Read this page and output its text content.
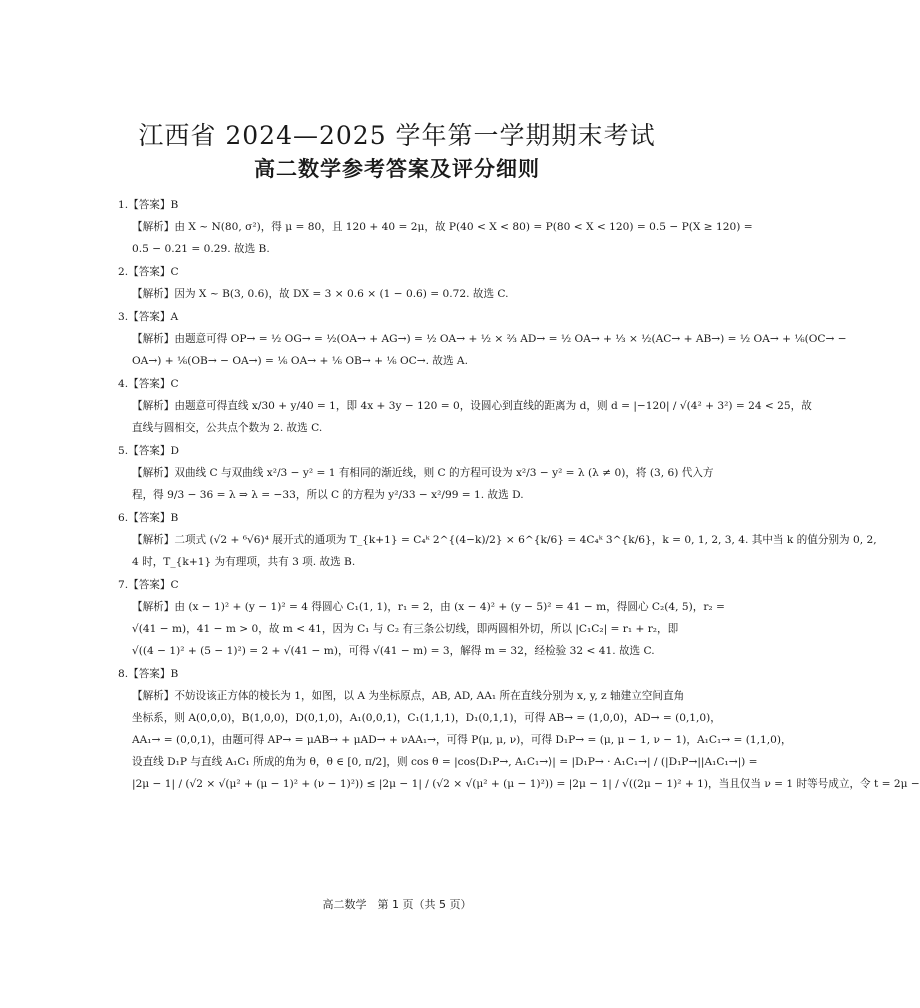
江西省 2024—2025 学年第一学期期末考试
高二数学参考答案及评分细则
1.【答案】B
【解析】由 X ~ N(80, σ²)，得 μ = 80，且 120 + 40 = 2μ，故 P(40 < X < 80) = P(80 < X < 120) = 0.5 − P(X ≥ 120) =
0.5 − 0.21 = 0.29. 故选 B.
2.【答案】C
【解析】因为 X ~ B(3, 0.6)，故 DX = 3 × 0.6 × (1 − 0.6) = 0.72. 故选 C.
3.【答案】A
【解析】由题意可得 OP→ = ½ OG→ = ½(OA→ + AG→) = ½ OA→ + ½ × ⅔ AD→ = ½ OA→ + ⅓ × ½(AC→ + AB→) = ½ OA→ + ⅙(OC→ −
OA→) + ⅙(OB→ − OA→) = ⅙ OA→ + ⅙ OB→ + ⅙ OC→. 故选 A.
4.【答案】C
【解析】由题意可得直线 x/30 + y/40 = 1，即 4x + 3y − 120 = 0，设圆心到直线的距离为 d，则 d = |−120| / √(4² + 3²) = 24 < 25，故
直线与圆相交，公共点个数为 2. 故选 C.
5.【答案】D
【解析】双曲线 C 与双曲线 x²/3 − y² = 1 有相同的渐近线，则 C 的方程可设为 x²/3 − y² = λ (λ ≠ 0)，将 (3, 6) 代入方
程，得 9/3 − 36 = λ ⇒ λ = −33，所以 C 的方程为 y²/33 − x²/99 = 1. 故选 D.
6.【答案】B
【解析】二项式 (√2 + ⁶√6)⁴ 展开式的通项为 T_{k+1} = C₄ᵏ 2^{(4−k)/2} × 6^{k/6} = 4C₄ᵏ 3^{k/6}，k = 0, 1, 2, 3, 4. 其中当 k 的值分别为 0, 2,
4 时，T_{k+1} 为有理项，共有 3 项. 故选 B.
7.【答案】C
【解析】由 (x − 1)² + (y − 1)² = 4 得圆心 C₁(1, 1)，r₁ = 2，由 (x − 4)² + (y − 5)² = 41 − m，得圆心 C₂(4, 5)，r₂ =
√(41 − m)，41 − m > 0，故 m < 41，因为 C₁ 与 C₂ 有三条公切线，即两圆相外切，所以 |C₁C₂| = r₁ + r₂，即
√((4 − 1)² + (5 − 1)²) = 2 + √(41 − m)，可得 √(41 − m) = 3，解得 m = 32，经检验 32 < 41. 故选 C.
8.【答案】B
【解析】不妨设该正方体的棱长为 1，如图，以 A 为坐标原点，AB, AD, AA₁ 所在直线分别为 x, y, z 轴建立空间直角
坐标系，则 A(0,0,0)，B(1,0,0)，D(0,1,0)，A₁(0,0,1)，C₁(1,1,1)，D₁(0,1,1)，可得 AB→ = (1,0,0)，AD→ = (0,1,0)，
AA₁→ = (0,0,1)，由题可得 AP→ = μAB→ + μAD→ + νAA₁→，可得 P(μ, μ, ν)，可得 D₁P→ = (μ, μ − 1, ν − 1)，A₁C₁→ = (1,1,0)，
设直线 D₁P 与直线 A₁C₁ 所成的角为 θ，θ ∈ [0, π/2]，则 cos θ = |cos⟨D₁P→, A₁C₁→⟩| = |D₁P→ · A₁C₁→| / (|D₁P→||A₁C₁→|) =
|2μ − 1| / (√2 × √(μ² + (μ − 1)² + (ν − 1)²)) ≤ |2μ − 1| / (√2 × √(μ² + (μ − 1)²)) = |2μ − 1| / √((2μ − 1)² + 1)，当且仅当 ν = 1 时等号成立，令 t = 2μ −
高二数学　第 1 页（共 5 页）
